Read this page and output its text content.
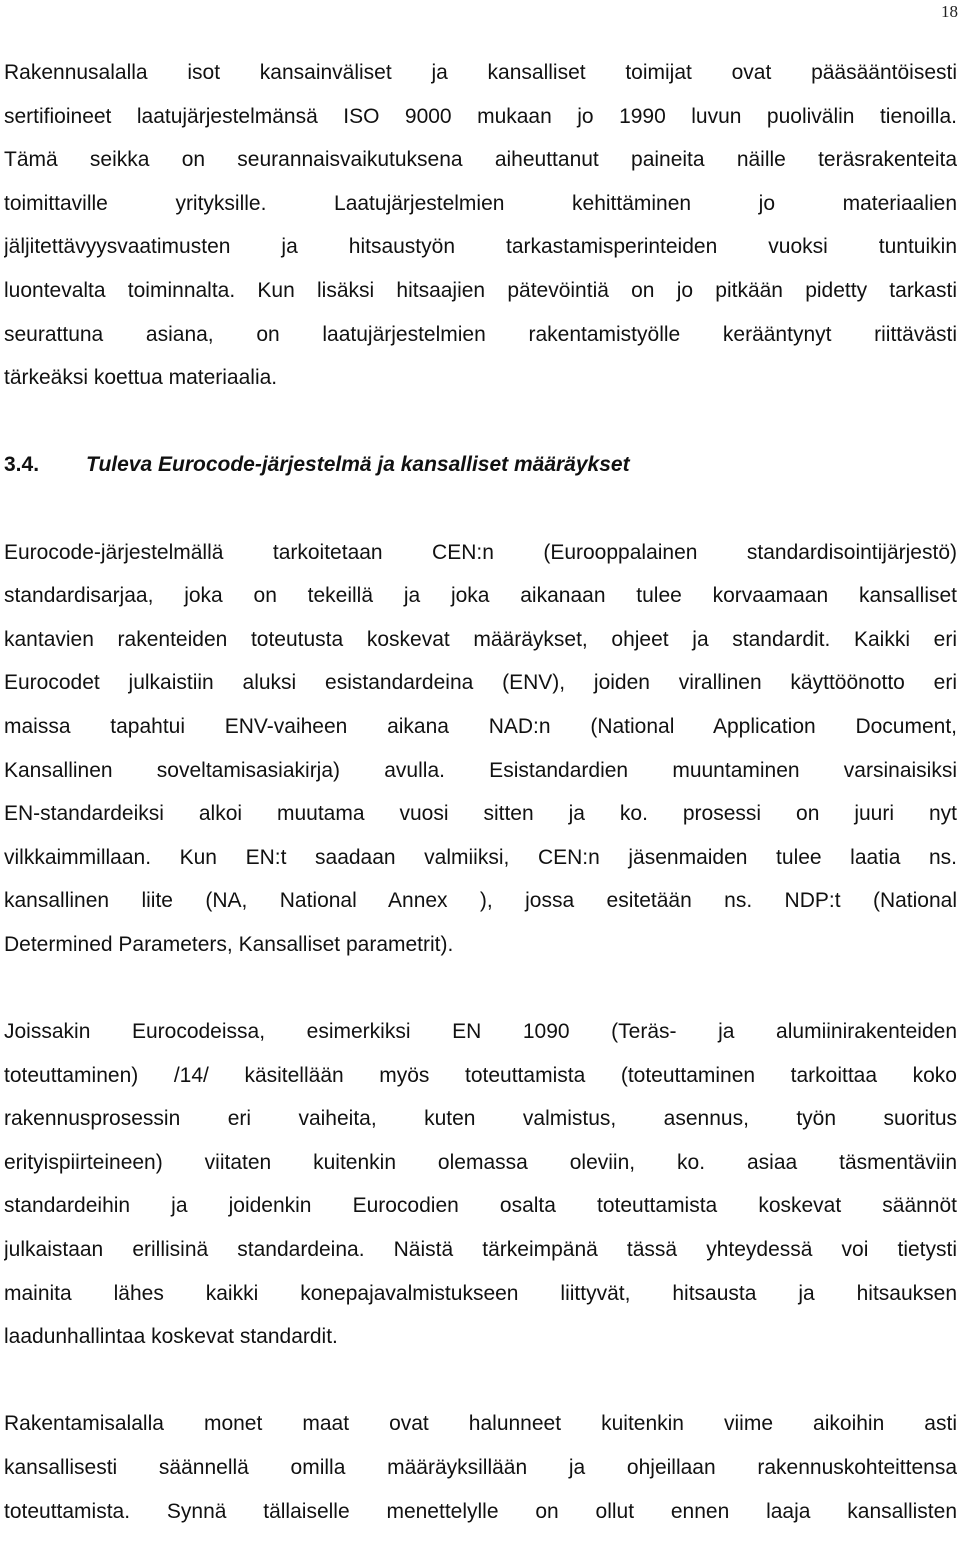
18
Rakennusalalla isot kansainväliset ja kansalliset toimijat ovat pääsääntöisesti
sertifioineet laatujärjestelmänsä ISO 9000 mukaan jo 1990 luvun puolivälin tienoilla.
Tämä seikka on seurannaisvaikutuksena aiheuttanut paineita näille teräsrakenteita
toimittaville yrityksille. Laatujärjestelmien kehittäminen jo materiaalien
jäljitettävyysvaatimusten ja hitsaustyön tarkastamisperinteiden vuoksi tuntuikin
luontevalta toiminnalta. Kun lisäksi hitsaajien pätevöintiä on jo pitkään pidetty tarkasti
seurattuna asiana, on laatujärjestelmien rakentamistyölle kerääntynyt riittävästi
tärkeäksi koettua materiaalia.
3.4. Tuleva Eurocode-järjestelmä ja kansalliset määräykset
Eurocode-järjestelmällä tarkoitetaan CEN:n (Eurooppalainen standardisointijärjestö)
standardisarjaa, joka on tekeillä ja joka aikanaan tulee korvaamaan kansalliset
kantavien rakenteiden toteutusta koskevat määräykset, ohjeet ja standardit. Kaikki eri
Eurocodet julkaistiin aluksi esistandardeina (ENV), joiden virallinen käyttöönotto eri
maissa tapahtui ENV-vaiheen aikana NAD:n (National Application Document,
Kansallinen soveltamisasiakirja) avulla. Esistandardien muuntaminen varsinaisiksi
EN-standardeiksi alkoi muutama vuosi sitten ja ko. prosessi on juuri nyt
vilkkaimmillaan. Kun EN:t saadaan valmiiksi, CEN:n jäsenmaiden tulee laatia ns.
kansallinen liite (NA, National Annex ), jossa esitetään ns. NDP:t (National
Determined Parameters, Kansalliset parametrit).
Joissakin Eurocodeissa, esimerkiksi EN 1090 (Teräs- ja alumiinirakenteiden
toteuttaminen) /14/ käsitellään myös toteuttamista (toteuttaminen tarkoittaa koko
rakennusprosessin eri vaiheita, kuten valmistus, asennus, työn suoritus
erityispiirteineen) viitaten kuitenkin olemassa oleviin, ko. asiaa täsmentäviin
standardeihin ja joidenkin Eurocodien osalta toteuttamista koskevat säännöt
julkaistaan erillisinä standardeina. Näistä tärkeimpänä tässä yhteydessä voi tietysti
mainita lähes kaikki konepajavalmistukseen liittyvät, hitsausta ja hitsauksen
laadunhallintaa koskevat standardit.
Rakentamisalalla monet maat ovat halunneet kuitenkin viime aikoihin asti
kansallisesti säännellä omilla määräyksillään ja ohjeillaan rakennuskohteittensa
toteuttamista. Synnä tällaiselle menettelylle on ollut ennen laaja kansallisten
